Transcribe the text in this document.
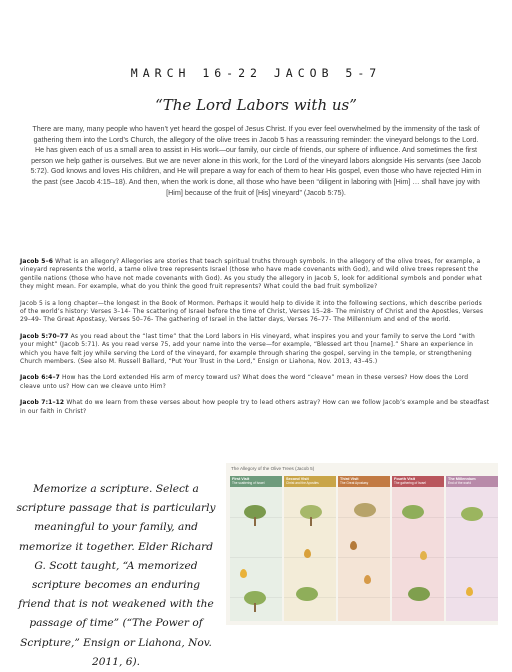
MARCH 16-22 JACOB 5-7
“The Lord Labors with us”
There are many, many people who haven’t yet heard the gospel of Jesus Christ. If you ever feel overwhelmed by the immensity of the task of gathering them into the Lord’s Church, the allegory of the olive trees in Jacob 5 has a reassuring reminder: the vineyard belongs to the Lord. He has given each of us a small area to assist in His work—our family, our circle of friends, our sphere of influence. And sometimes the first person we help gather is ourselves. But we are never alone in this work, for the Lord of the vineyard labors alongside His servants (see Jacob 5:72). God knows and loves His children, and He will prepare a way for each of them to hear His gospel, even those who have rejected Him in the past (see Jacob 4:15–18). And then, when the work is done, all those who have been “diligent in laboring with [Him] … shall have joy with [Him] because of the fruit of [His] vineyard” (Jacob 5:75).

Jacob 5–6 What is an allegory? Allegories are stories that teach spiritual truths through symbols. In the allegory of the olive trees, for example, a vineyard represents the world, a tame olive tree represents Israel (those who have made covenants with God), and wild olive trees represent the gentile nations (those who have not made covenants with God). As you study the allegory in Jacob 5, look for additional symbols and ponder what they might mean. For example, what do you think the good fruit represents? What could the bad fruit symbolize?

Jacob 5 is a long chapter—the longest in the Book of Mormon. Perhaps it would help to divide it into the following sections, which describe periods of the world’s history: Verses 3–14- The scattering of Israel before the time of Christ, Verses 15–28- The ministry of Christ and the Apostles, Verses 29–49- The Great Apostasy, Verses 50–76- The gathering of Israel in the latter days, Verses 76–77- The Millennium and end of the world.

Jacob 5:70–77 As you read about the “last time” that the Lord labors in His vineyard, what inspires you and your family to serve the Lord “with your might” (Jacob 5:71). As you read verse 75, add your name into the verse—for example, “Blessed art thou [name].” Share an experience in which you have felt joy while serving the Lord of the vineyard, for example through sharing the gospel, serving in the temple, or strengthening Church members. (See also M. Russell Ballard, “Put Your Trust in the Lord,” Ensign or Liahona, Nov. 2013, 43–45.)

Jacob 6:4–7 How has the Lord extended His arm of mercy toward us? What does the word “cleave” mean in these verses? How does the Lord cleave unto us? How can we cleave unto Him?

Jacob 7:1–12 What do we learn from these verses about how people try to lead others astray? How can we follow Jacob’s example and be steadfast in our faith in Christ?

Memorize a scripture. Select a scripture passage that is particularly meaningful to your family, and memorize it together. Elder Richard G. Scott taught, “A memorized scripture becomes an enduring friend that is not weakened with the passage of time” (“The Power of Scripture,” Ensign or Liahona, Nov. 2011, 6).
The Allegory of the Olive Trees (Jacob 5)
First Visit
The scattering of Israel
Second Visit
Christ and the Apostles
Third Visit
The Great Apostasy
Fourth Visit
The gathering of Israel
The Millennium
End of the world
